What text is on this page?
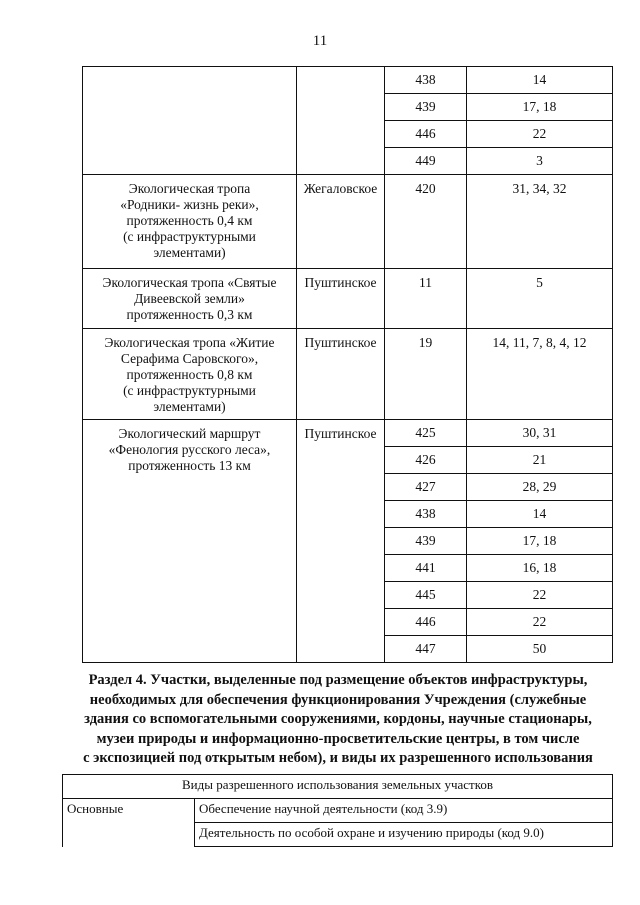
11

		438	14

		439	17, 18

		446	22

		449	3

Экологическая тропа
«Родники- жизнь реки»,
протяженность 0,4 км
(с инфраструктурными
элементами)	Жегаловское	420	31, 34, 32

Экологическая тропа «Святые
Дивеевской земли»
протяженность 0,3 км	Пуштинское	11	5

Экологическая тропа «Житие
Серафима Саровского»,
протяженность 0,8 км
(с инфраструктурными
элементами)	Пуштинское	19	14, 11, 7, 8, 4, 12

Экологический маршрут
«Фенология русского леса»,
протяженность 13 км	Пуштинское	425	30, 31

		426	21

		427	28, 29

		438	14

		439	17, 18

		441	16, 18

		445	22

		446	22

		447	50
Раздел 4. Участки, выделенные под размещение объектов инфраструктуры,
необходимых для обеспечения функционирования Учреждения (служебные
здания со вспомогательными сооружениями, кордоны, научные стационары,
музеи природы и информационно-просветительские центры, в том числе
с экспозицией под открытым небом), и виды их разрешенного использования
Виды разрешенного использования земельных участков
Основные	Обеспечение научной деятельности (код 3.9)
Деятельность по особой охране и изучению природы (код 9.0)
